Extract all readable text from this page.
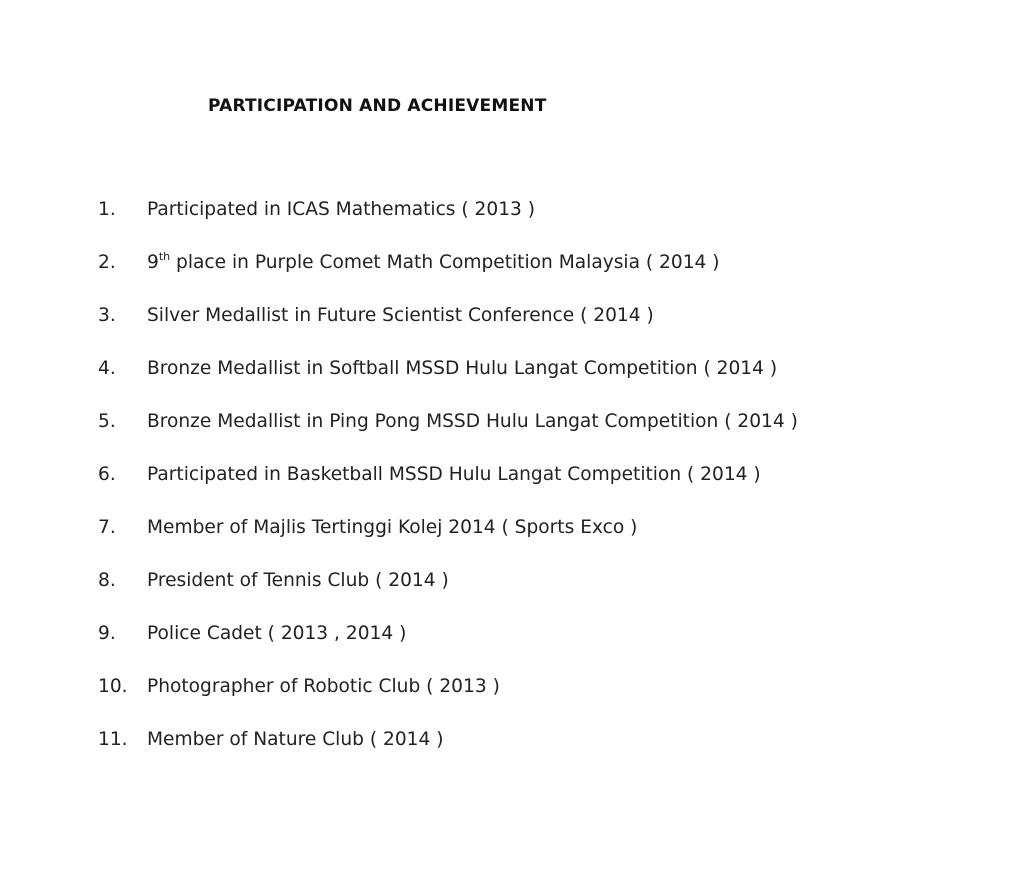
PARTICIPATION AND ACHIEVEMENT
1.	Participated in ICAS Mathematics ( 2013 )
2.	9th place in Purple Comet Math Competition Malaysia ( 2014 )
3.	Silver Medallist in Future Scientist Conference ( 2014 )
4.	Bronze Medallist in Softball MSSD Hulu Langat Competition ( 2014 )
5.	Bronze Medallist in Ping Pong MSSD Hulu Langat Competition ( 2014 )
6.	Participated in Basketball MSSD Hulu Langat Competition ( 2014 )
7.	Member of Majlis Tertinggi Kolej 2014 ( Sports Exco )
8.	President of Tennis Club ( 2014 )
9.	Police Cadet ( 2013 , 2014 )
10.	Photographer of Robotic Club ( 2013 )
11.	Member of Nature Club ( 2014 )
